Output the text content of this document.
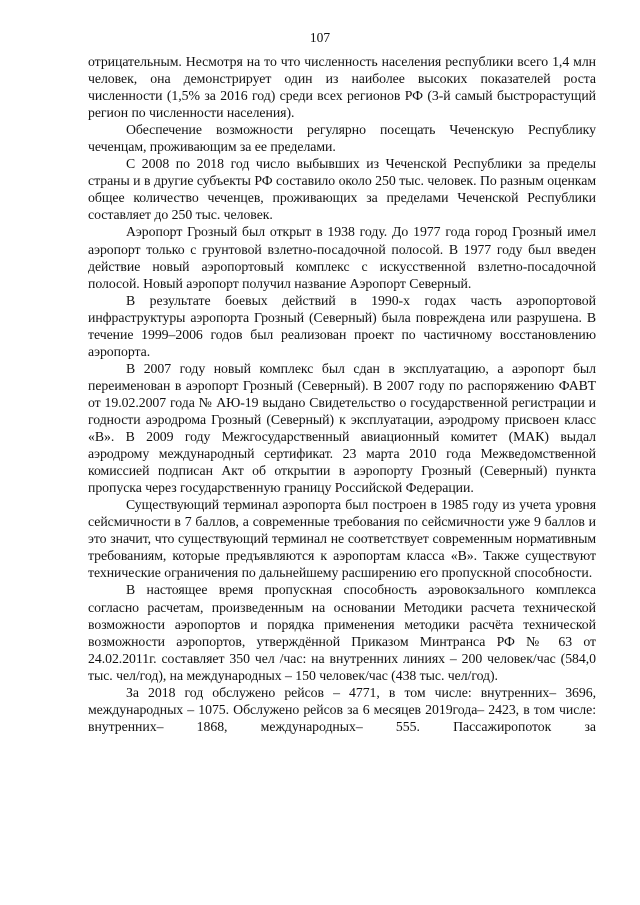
107

отрицательным. Несмотря на то что численность населения республики всего 1,4 млн человек, она демонстрирует один из наиболее высоких показателей роста численности (1,5% за 2016 год) среди всех регионов РФ (3-й самый быстрорастущий регион по численности населения).

Обеспечение возможности регулярно посещать Чеченскую Республику чеченцам, проживающим за ее пределами.

С 2008 по 2018 год число выбывших из Чеченской Республики за пределы страны и в другие субъекты РФ составило около 250 тыс. человек. По разным оценкам общее количество чеченцев, проживающих за пределами Чеченской Республики составляет до 250 тыс. человек.

Аэропорт Грозный был открыт в 1938 году. До 1977 года город Грозный имел аэропорт только с грунтовой взлетно-посадочной полосой. В 1977 году был введен действие новый аэропортовый комплекс с искусственной взлетно-посадочной полосой. Новый аэропорт получил название Аэропорт Северный.

В результате боевых действий в 1990-х годах часть аэропортовой инфраструктуры аэропорта Грозный (Северный) была повреждена или разрушена. В течение 1999–2006 годов был реализован проект по частичному восстановлению аэропорта.

В 2007 году новый комплекс был сдан в эксплуатацию, а аэропорт был переименован в аэропорт Грозный (Северный). В 2007 году по распоряжению ФАВТ от 19.02.2007 года № АЮ-19 выдано Свидетельство о государственной регистрации и годности аэродрома Грозный (Северный) к эксплуатации, аэродрому присвоен класс «В». В 2009 году Межгосударственный авиационный комитет (МАК) выдал аэродрому международный сертификат. 23 марта 2010 года Межведомственной комиссией подписан Акт об открытии в аэропорту Грозный (Северный) пункта пропуска через государственную границу Российской Федерации.

Существующий терминал аэропорта был построен в 1985 году из учета уровня сейсмичности в 7 баллов, а современные требования по сейсмичности уже 9 баллов и это значит, что существующий терминал не соответствует современным нормативным требованиям, которые предъявляются к аэропортам класса «В». Также существуют технические ограничения по дальнейшему расширению его пропускной способности.

В настоящее время пропускная способность аэровокзального комплекса согласно расчетам, произведенным на основании Методики расчета технической возможности аэропортов и порядка применения методики расчёта технической возможности аэропортов, утверждённой Приказом Минтранса РФ № 63 от 24.02.2011г. составляет 350 чел /час: на внутренних линиях – 200 человек/час (584,0 тыс. чел/год), на международных – 150 человек/час (438 тыс. чел/год).

За 2018 год обслужено рейсов – 4771, в том числе: внутренних– 3696, международных – 1075. Обслужено рейсов за 6 месяцев 2019года– 2423, в том числе: внутренних– 1868, международных– 555. Пассажиропоток за
